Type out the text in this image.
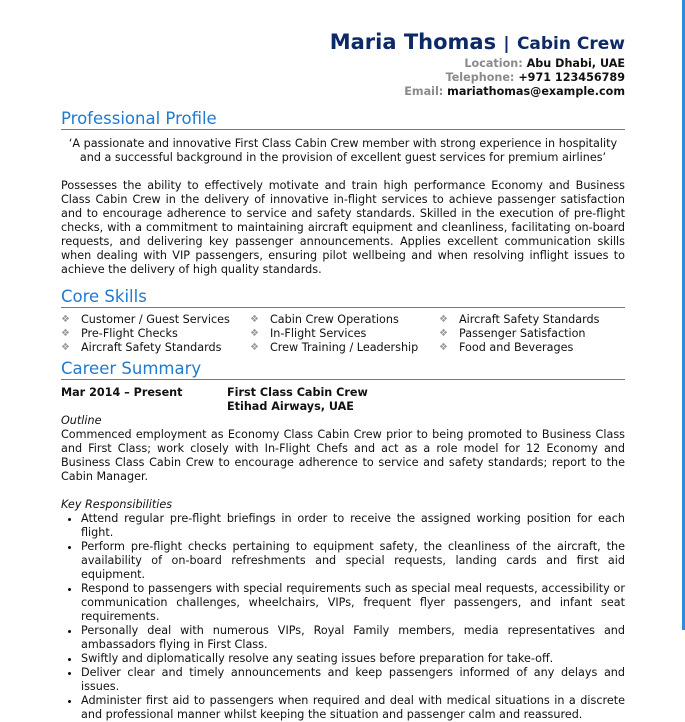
Maria Thomas | Cabin Crew
Location: Abu Dhabi, UAE
Telephone: +971 123456789
Email: mariathomas@example.com
Professional Profile
‘A passionate and innovative First Class Cabin Crew member with strong experience in hospitality and a successful background in the provision of excellent guest services for premium airlines’
Possesses the ability to effectively motivate and train high performance Economy and Business Class Cabin Crew in the delivery of innovative in-flight services to achieve passenger satisfaction and to encourage adherence to service and safety standards. Skilled in the execution of pre-flight checks, with a commitment to maintaining aircraft equipment and cleanliness, facilitating on-board requests, and delivering key passenger announcements. Applies excellent communication skills when dealing with VIP passengers, ensuring pilot wellbeing and when resolving inflight issues to achieve the delivery of high quality standards.
Core Skills
❖ Customer / Guest Services ❖ Cabin Crew Operations	❖ Aircraft Safety Standards
❖ Pre-Flight Checks	❖ In-Flight Services	❖ Passenger Satisfaction
❖ Aircraft Safety Standards	❖ Crew Training / Leadership ❖ Food and Beverages
Career Summary
Mar 2014 – Present	First Class Cabin Crew
Etihad Airways, UAE
Outline
Commenced employment as Economy Class Cabin Crew prior to being promoted to Business Class and First Class; work closely with In-Flight Chefs and act as a role model for 12 Economy and Business Class Cabin Crew to encourage adherence to service and safety standards; report to the Cabin Manager.
Key Responsibilities
• Attend regular pre-flight briefings in order to receive the assigned working position for each flight.
• Perform pre-flight checks pertaining to equipment safety, the cleanliness of the aircraft, the availability of on-board refreshments and special requests, landing cards and first aid equipment.
• Respond to passengers with special requirements such as special meal requests, accessibility or communication challenges, wheelchairs, VIPs, frequent flyer passengers, and infant seat requirements.
• Personally deal with numerous VIPs, Royal Family members, media representatives and ambassadors flying in First Class.
• Swiftly and diplomatically resolve any seating issues before preparation for take-off.
• Deliver clear and timely announcements and keep passengers informed of any delays and issues.
• Administer first aid to passengers when required and deal with medical situations in a discrete and professional manner whilst keeping the situation and passenger calm and reassured.
